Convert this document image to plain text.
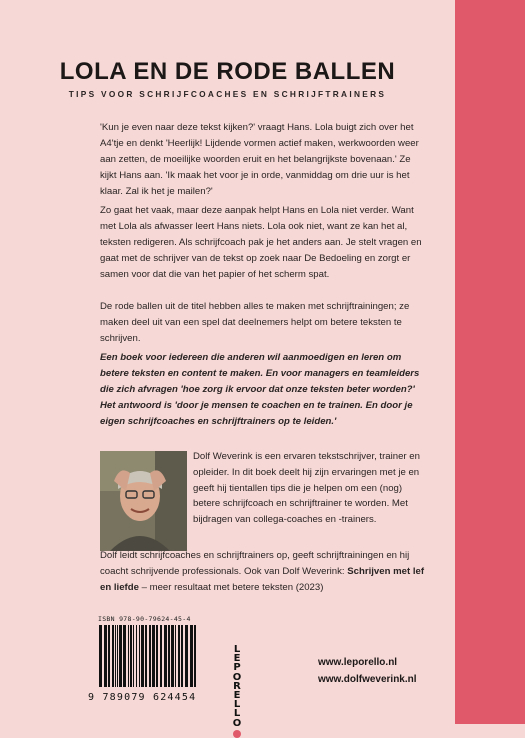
LOLA EN DE RODE BALLEN
TIPS VOOR SCHRIJFCOACHES EN SCHRIJFTRAINERS

'Kun je even naar deze tekst kijken?' vraagt Hans. Lola buigt zich over het A4'tje en denkt 'Heerlijk! Lijdende vormen actief maken, werkwoorden weer aan zetten, de moeilijke woorden eruit en het belangrijkste bovenaan.' Ze kijkt Hans aan. 'Ik maak het voor je in orde, vanmiddag om drie uur is het klaar. Zal ik het je mailen?'

Zo gaat het vaak, maar deze aanpak helpt Hans en Lola niet verder. Want met Lola als afwasser leert Hans niets. Lola ook niet, want ze kan het al, teksten redigeren. Als schrijfcoach pak je het anders aan. Je stelt vragen en gaat met de schrijver van de tekst op zoek naar De Bedoeling en zorgt er samen voor dat die van het papier of het scherm spat.

De rode ballen uit de titel hebben alles te maken met schrijftrainingen; ze maken deel uit van een spel dat deelnemers helpt om betere teksten te schrijven.

Een boek voor iedereen die anderen wil aanmoedigen en leren om betere teksten en content te maken. En voor managers en teamleiders die zich afvragen 'hoe zorg ik ervoor dat onze teksten beter worden?' Het antwoord is 'door je mensen te coachen en te trainen. En door je eigen schrijfcoaches en schrijftrainers op te leiden.'

Dolf Weverink is een ervaren tekstschrijver, trainer en opleider. In dit boek deelt hij zijn ervaringen met je en geeft hij tientallen tips die je helpen om een (nog) betere schrijfcoach en schrijftrainer te worden. Met bijdragen van collega-coaches en -trainers.
Dolf leidt schrijfcoaches en schrijftrainers op, geeft schrijftrainingen en hij coacht schrijvende professionals. Ook van Dolf Weverink: Schrijven met lef en liefde – meer resultaat met betere teksten (2023)
ISBN 978-90-79624-45-4
9 789079 624454
L
E
P
O
R
E
L
L
O
www.leporello.nl
www.dolfweverink.nl
